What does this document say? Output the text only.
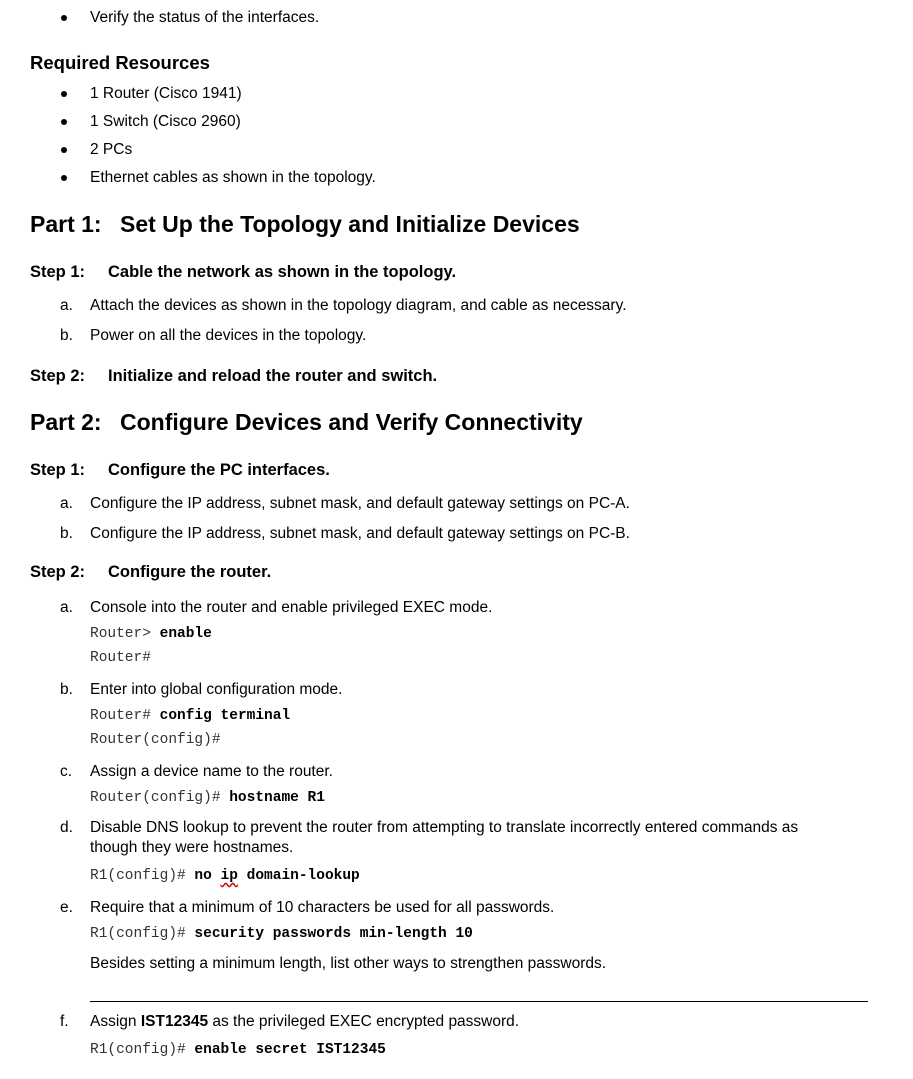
Verify the status of the interfaces.
Required Resources
1 Router (Cisco 1941)
1 Switch (Cisco 2960)
2 PCs
Ethernet cables as shown in the topology.
Part 1: Set Up the Topology and Initialize Devices
Step 1: Cable the network as shown in the topology.
a. Attach the devices as shown in the topology diagram, and cable as necessary.
b. Power on all the devices in the topology.
Step 2: Initialize and reload the router and switch.
Part 2: Configure Devices and Verify Connectivity
Step 1: Configure the PC interfaces.
a. Configure the IP address, subnet mask, and default gateway settings on PC-A.
b. Configure the IP address, subnet mask, and default gateway settings on PC-B.
Step 2: Configure the router.
a. Console into the router and enable privileged EXEC mode.
Router> enable
Router#
b. Enter into global configuration mode.
Router# config terminal
Router(config)#
c. Assign a device name to the router.
Router(config)# hostname R1
d. Disable DNS lookup to prevent the router from attempting to translate incorrectly entered commands as
though they were hostnames.
R1(config)# no ip domain-lookup
e. Require that a minimum of 10 characters be used for all passwords.
R1(config)# security passwords min-length 10
Besides setting a minimum length, list other ways to strengthen passwords.
f. Assign IST12345 as the privileged EXEC encrypted password.
R1(config)# enable secret IST12345
